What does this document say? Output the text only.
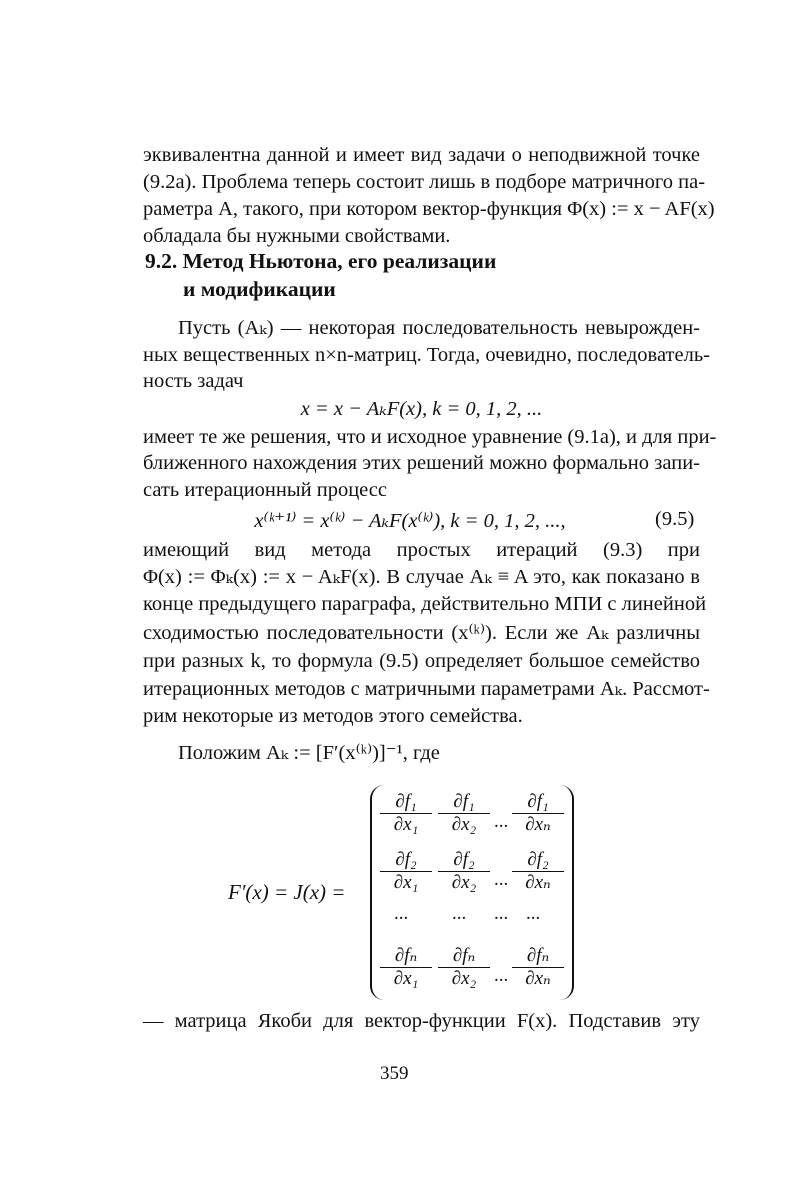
эквивалентна данной и имеет вид задачи о неподвижной точке
(9.2a). Проблема теперь состоит лишь в подборе матричного па-
раметра A, такого, при котором вектор-функция Φ(x) := x − AF(x)
обладала бы нужными свойствами.
9.2. Метод Ньютона, его реализации
и модификации
Пусть (Aₖ) — некоторая последовательность невырожден-
ных вещественных n×n-матриц. Тогда, очевидно, последователь-
ность задач
x = x − AₖF(x), k = 0, 1, 2, ...
имеет те же решения, что и исходное уравнение (9.1a), и для при-
ближенного нахождения этих решений можно формально запи-
сать итерационный процесс
x⁽ᵏ⁺¹⁾ = x⁽ᵏ⁾ − AₖF(x⁽ᵏ⁾), k = 0, 1, 2, ...,	(9.5)
имеющий вид метода простых итераций (9.3) при
Φ(x) := Φₖ(x) := x − AₖF(x). В случае Aₖ ≡ A это, как показано в
конце предыдущего параграфа, действительно МПИ с линейной
сходимостью последовательности (x⁽ᵏ⁾). Если же Aₖ различны
при разных k, то формула (9.5) определяет большое семейство
итерационных методов с матричными параметрами Aₖ. Рассмот-
рим некоторые из методов этого семейства.
Положим Aₖ := [F′(x⁽ᵏ⁾)]⁻¹, где
F′(x) = J(x) =
∂f₁
∂x₁
∂f₁
∂x₂ ...
∂f₁
∂xₙ
∂f₂
∂x₁
∂f₂
∂x₂ ...
∂f₂
∂xₙ
... ... ... ...
∂fₙ
∂x₁
∂fₙ
∂x₂ ...
∂fₙ
∂xₙ
— матрица Якоби для вектор-функции F(x). Подставив эту
359
